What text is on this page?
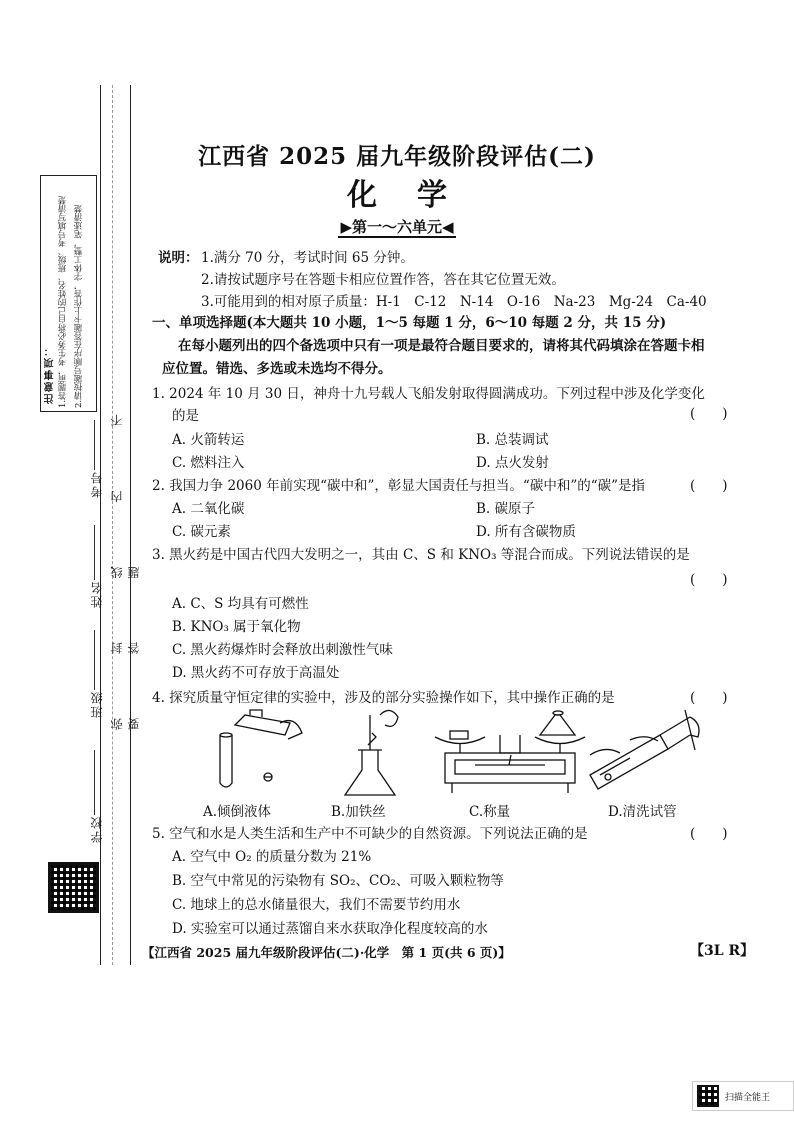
注意事项： 1.答题前，考生务必将自己的姓名、班级、考号填写清楚 2.请按题号顺序在答题卡上作答，字体工整，笔迹清楚
考号
姓名
班级
学校
弥 封 线 内 不 要 答 题
江西省 2025 届九年级阶段评估(二)
化学
▶第一～六单元◀
说明： 1.满分 70 分，考试时间 65 分钟。
2.请按试题序号在答题卡相应位置作答，答在其它位置无效。
3.可能用到的相对原子质量：H-1　C-12　N-14　O-16　Na-23　Mg-24　Ca-40
一、单项选择题(本大题共 10 小题，1～5 每题 1 分，6～10 每题 2 分，共 15 分)
在每小题列出的四个备选项中只有一项是最符合题目要求的，请将其代码填涂在答题卡相
应位置。错选、多选或未选均不得分。
1. 2024 年 10 月 30 日，神舟十九号载人飞船发射取得圆满成功。下列过程中涉及化学变化
的是	(　　)
A. 火箭转运	B. 总装调试
C. 燃料注入	D. 点火发射
2. 我国力争 2060 年前实现“碳中和”，彰显大国责任与担当。“碳中和”的“碳”是指	(　　)
A. 二氧化碳	B. 碳原子
C. 碳元素	D. 所有含碳物质
3. 黑火药是中国古代四大发明之一，其由 C、S 和 KNO₃ 等混合而成。下列说法错误的是
(　　)
A. C、S 均具有可燃性
B. KNO₃ 属于氧化物
C. 黑火药爆炸时会释放出刺激性气味
D. 黑火药不可存放于高温处
4. 探究质量守恒定律的实验中，涉及的部分实验操作如下，其中操作正确的是	(　　)
A.倾倒液体	B.加铁丝	C.称量	D.清洗试管
5. 空气和水是人类生活和生产中不可缺少的自然资源。下列说法正确的是	(　　)
A. 空气中 O₂ 的质量分数为 21%
B. 空气中常见的污染物有 SO₂、CO₂、可吸入颗粒物等
C. 地球上的总水储量很大，我们不需要节约用水
D. 实验室可以通过蒸馏自来水获取净化程度较高的水
【江西省 2025 届九年级阶段评估(二)·化学　第 1 页(共 6 页)】	【3L R】
扫描全能王
